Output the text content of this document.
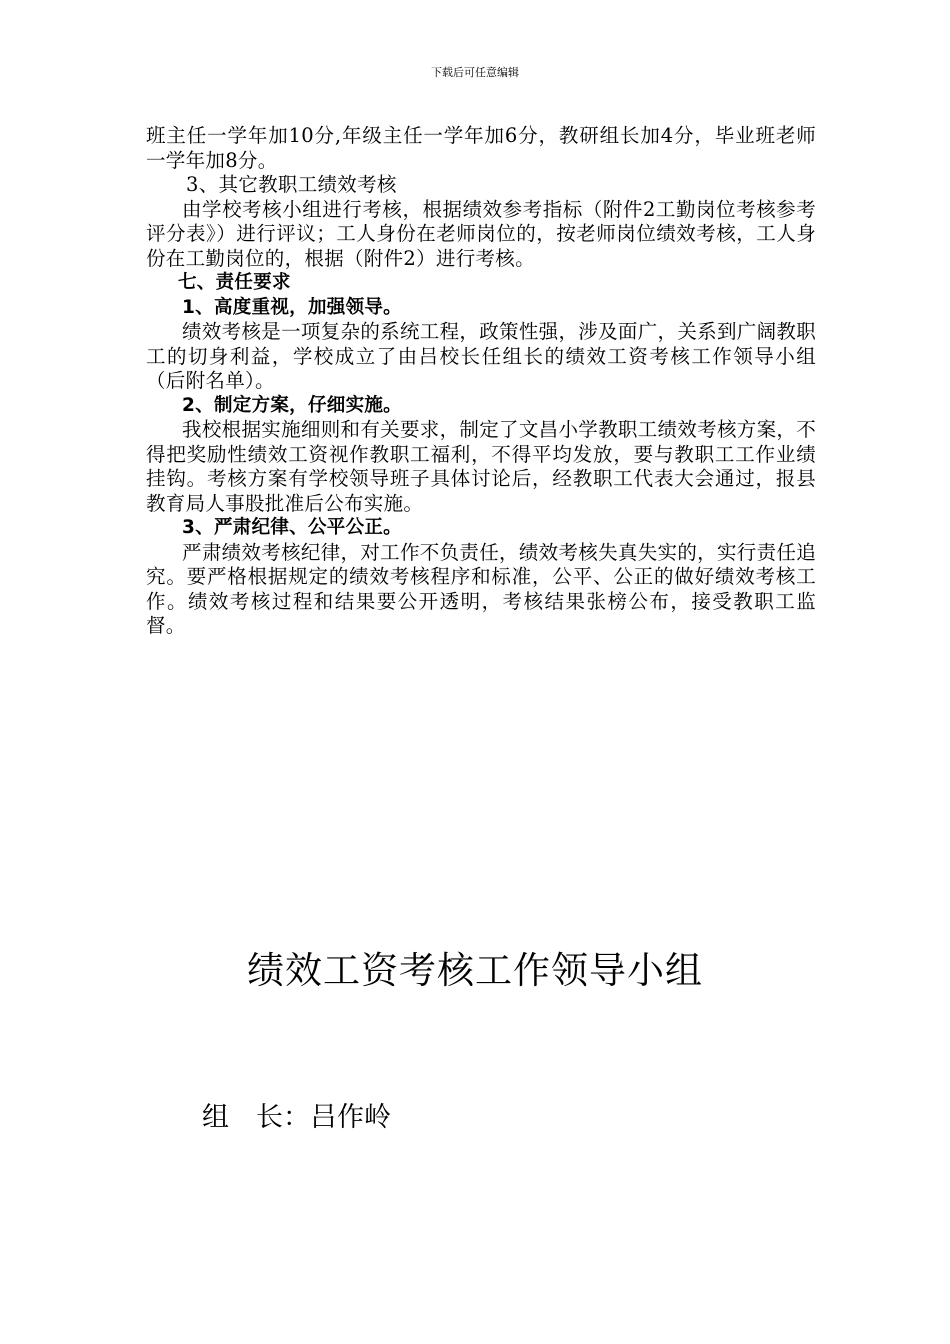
下载后可任意编辑

班主任一学年加10分,年级主任一学年加6分，教研组长加4分，毕业班老师一学年加8分。

3、其它教职工绩效考核

由学校考核小组进行考核，根据绩效参考指标（附件2工勤岗位考核参考评分表》）进行评议；工人身份在老师岗位的，按老师岗位绩效考核，工人身份在工勤岗位的，根据（附件2）进行考核。

七、责任要求

1、高度重视，加强领导。

绩效考核是一项复杂的系统工程，政策性强，涉及面广，关系到广阔教职工的切身利益，学校成立了由吕校长任组长的绩效工资考核工作领导小组（后附名单）。

2、制定方案，仔细实施。

我校根据实施细则和有关要求，制定了文昌小学教职工绩效考核方案，不得把奖励性绩效工资视作教职工福利，不得平均发放，要与教职工工作业绩挂钩。考核方案有学校领导班子具体讨论后，经教职工代表大会通过，报县教育局人事股批准后公布实施。

3、严肃纪律、公平公正。

严肃绩效考核纪律，对工作不负责任，绩效考核失真失实的，实行责任追究。要严格根据规定的绩效考核程序和标准，公平、公正的做好绩效考核工作。绩效考核过程和结果要公开透明，考核结果张榜公布，接受教职工监督。

绩效工资考核工作领导小组
组　长：吕作岭
